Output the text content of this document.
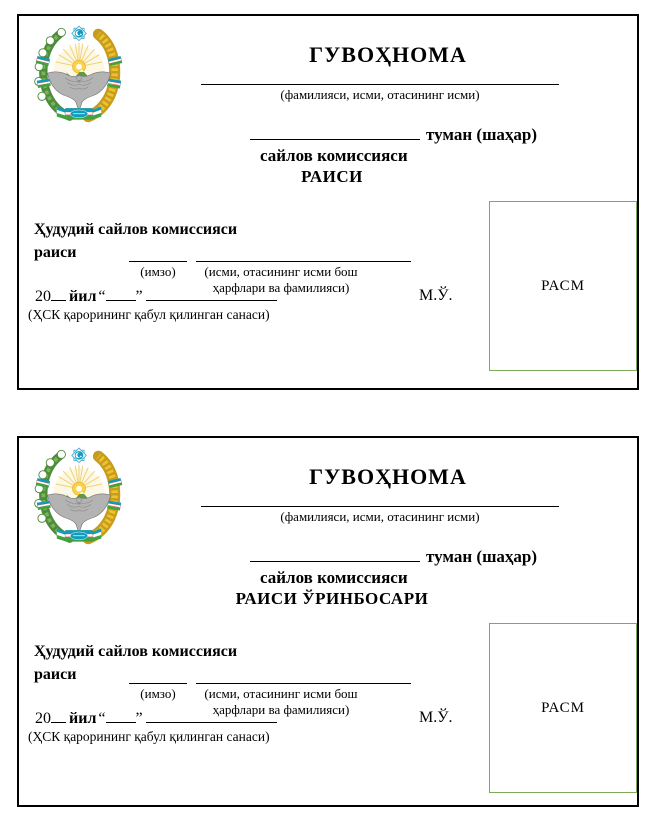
ГУВОҲНОМА
(фамилияси, исми, отасининг исми)
туман (шаҳар)
сайлов комиссияси
РАИСИ
Ҳудудий сайлов комиссияси
раиси
(имзо)	(исми, отасининг исми бош
ҳарфлари ва фамилияси)
20 йил “ ”	М.Ў.
(ҲСК қарорининг қабул қилинган санаси)
РАСМ
ГУВОҲНОМА
(фамилияси, исми, отасининг исми)
туман (шаҳар)
сайлов комиссияси
РАИСИ ЎРИНБОСАРИ
Ҳудудий сайлов комиссияси
раиси
(имзо)	(исми, отасининг исми бош
ҳарфлари ва фамилияси)
20 йил “ ”	М.Ў.
(ҲСК қарорининг қабул қилинган санаси)
РАСМ
